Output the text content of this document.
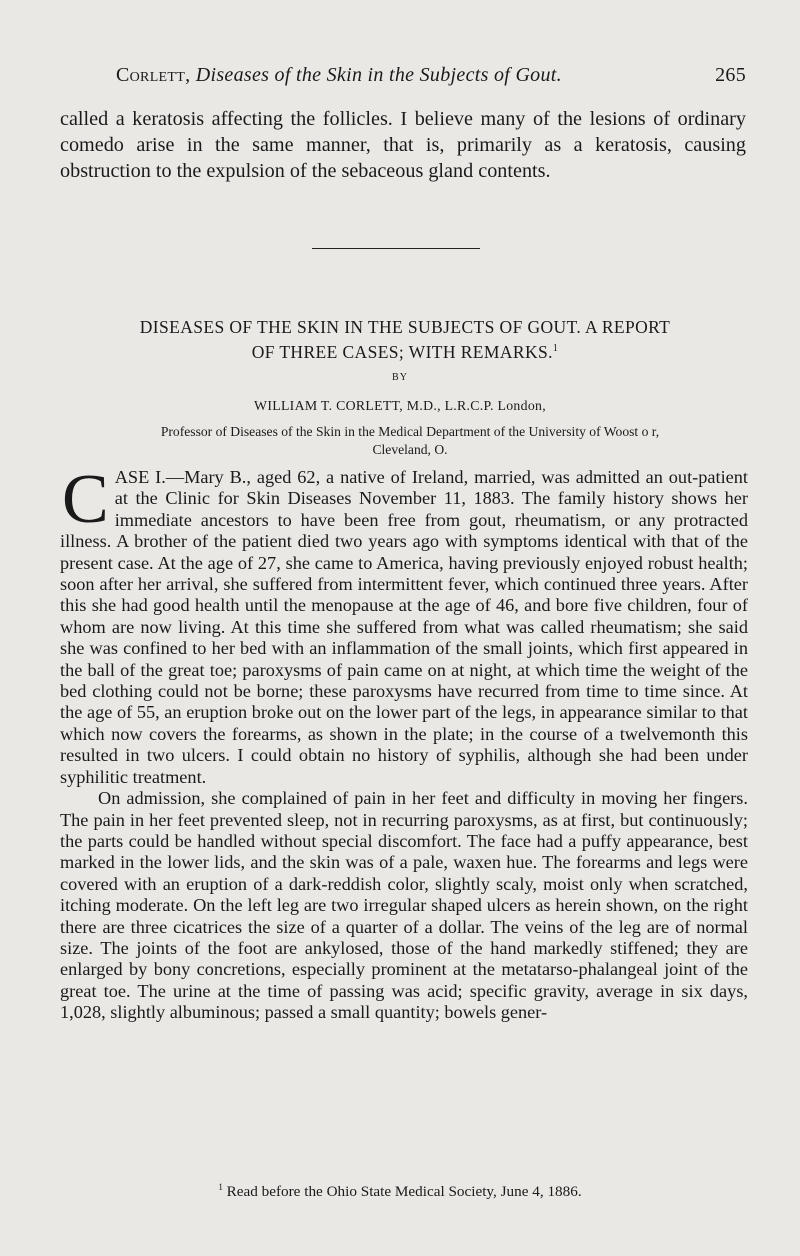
Corlett, Diseases of the Skin in the Subjects of Gout.	265
called a keratosis affecting the follicles. I believe many of the lesions of ordinary comedo arise in the same manner, that is, primarily as a keratosis, causing obstruction to the expulsion of the sebaceous gland contents.
DISEASES OF THE SKIN IN THE SUBJECTS OF GOUT. A REPORT
OF THREE CASES; WITH REMARKS.$^1$
BY
WILLIAM T. CORLETT, M.D., L.R.C.P. London,
Professor of Diseases of the Skin in the Medical Department of the University of Woost o r,
Cleveland, O.

CASE I.—Mary B., aged 62, a native of Ireland, married, was admitted an out-patient at the Clinic for Skin Diseases November 11, 1883. The family history shows her immediate ancestors to have been free from gout, rheumatism, or any protracted illness. A brother of the patient died two years ago with symptoms identical with that of the present case. At the age of 27, she came to America, having previously enjoyed robust health; soon after her arrival, she suffered from intermittent fever, which continued three years. After this she had good health until the menopause at the age of 46, and bore five children, four of whom are now living. At this time she suffered from what was called rheumatism; she said she was confined to her bed with an inflammation of the small joints, which first appeared in the ball of the great toe; paroxysms of pain came on at night, at which time the weight of the bed clothing could not be borne; these paroxysms have recurred from time to time since. At the age of 55, an eruption broke out on the lower part of the legs, in appearance similar to that which now covers the forearms, as shown in the plate; in the course of a twelvemonth this resulted in two ulcers. I could obtain no history of syphilis, although she had been under syphilitic treatment.

On admission, she complained of pain in her feet and difficulty in moving her fingers. The pain in her feet prevented sleep, not in recurring paroxysms, as at first, but continuously; the parts could be handled without special discomfort. The face had a puffy appearance, best marked in the lower lids, and the skin was of a pale, waxen hue. The forearms and legs were covered with an eruption of a dark-reddish color, slightly scaly, moist only when scratched, itching moderate. On the left leg are two irregular shaped ulcers as herein shown, on the right there are three cicatrices the size of a quarter of a dollar. The veins of the leg are of normal size. The joints of the foot are ankylosed, those of the hand markedly stiffened; they are enlarged by bony concretions, especially prominent at the metatarso-phalangeal joint of the great toe. The urine at the time of passing was acid; specific gravity, average in six days, 1,028, slightly albuminous; passed a small quantity; bowels gener-

$^1$ Read before the Ohio State Medical Society, June 4, 1886.
